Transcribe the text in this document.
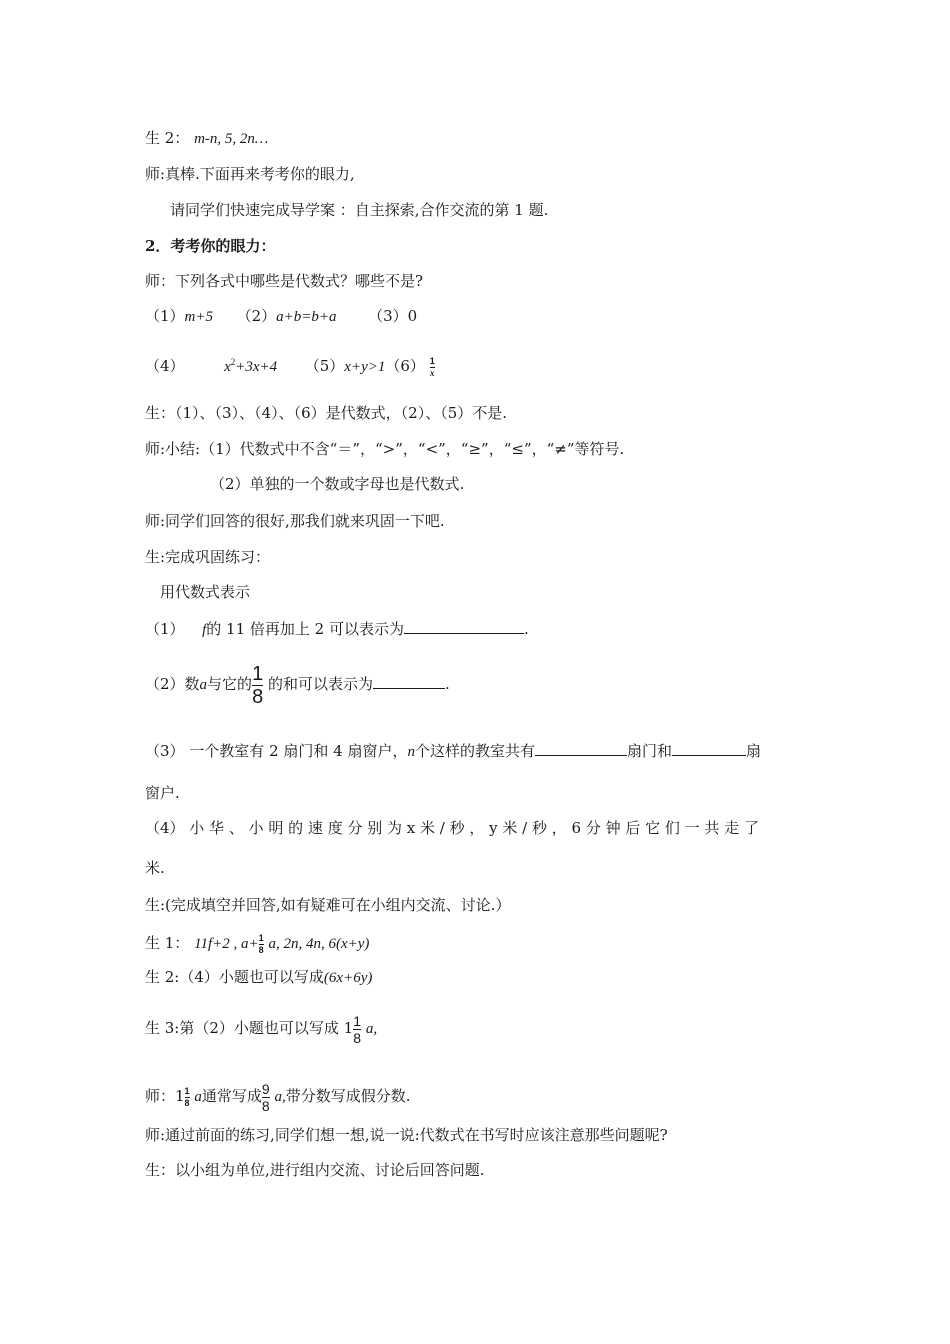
生 2： m-n, 5, 2n…
师:真棒.下面再来考考你的眼力,
请同学们快速完成导学案 ：自主探索,合作交流的第 1 题.
2．考考你的眼力：
师：下列各式中哪些是代数式？哪些不是?
（1）m+5 （2）a+b=b+a （3）0
（4）	$x^2+3x+4$ $(5)x+y>1(6) \frac{1}{x}$
生：（1）、（3）、（4）、（6）是代数式，（2）、（5）不是.
师:小结:（1）代数式中不含“＝”，“>”，“<”，“≥”，“≤”，“≠”等符号.
（2）单独的一个数或字母也是代数式.
师:同学们回答的很好,那我们就来巩固一下吧.
生:完成巩固练习：
用代数式表示
（1） f的 11 倍再加上 2 可以表示为	.
（2）数a与它的 $\frac{1}{8}$ 的和可以表示为	.
（3） 一个教室有 2 扇门和 4 扇窗户，n个这样的教室共有	扇门和	扇
窗户.
（4） 小 华 、 小 明 的 速 度 分 别 为 x 米 / 秒 ， y 米 / 秒 ， 6 分 钟 后 它 们 一 共 走 了
米.
生:(完成填空并回答,如有疑难可在小组内交流、讨论.）
生 1： 11f+2 , $a+ \frac{1}{8} a$, 2n, 4n, 6(x+y)
生 2:（4）小题也可以写成(6x+6y)
生 3:第（2）小题也可以写成 $1 \frac{1}{8} a$,
师：$1 \frac{1}{8}$ a通常写成 $\frac{9}{8} a$,带分数写成假分数.
师:通过前面的练习,同学们想一想,说一说:代数式在书写时应该注意那些问题呢?
生：以小组为单位,进行组内交流、讨论后回答问题.
